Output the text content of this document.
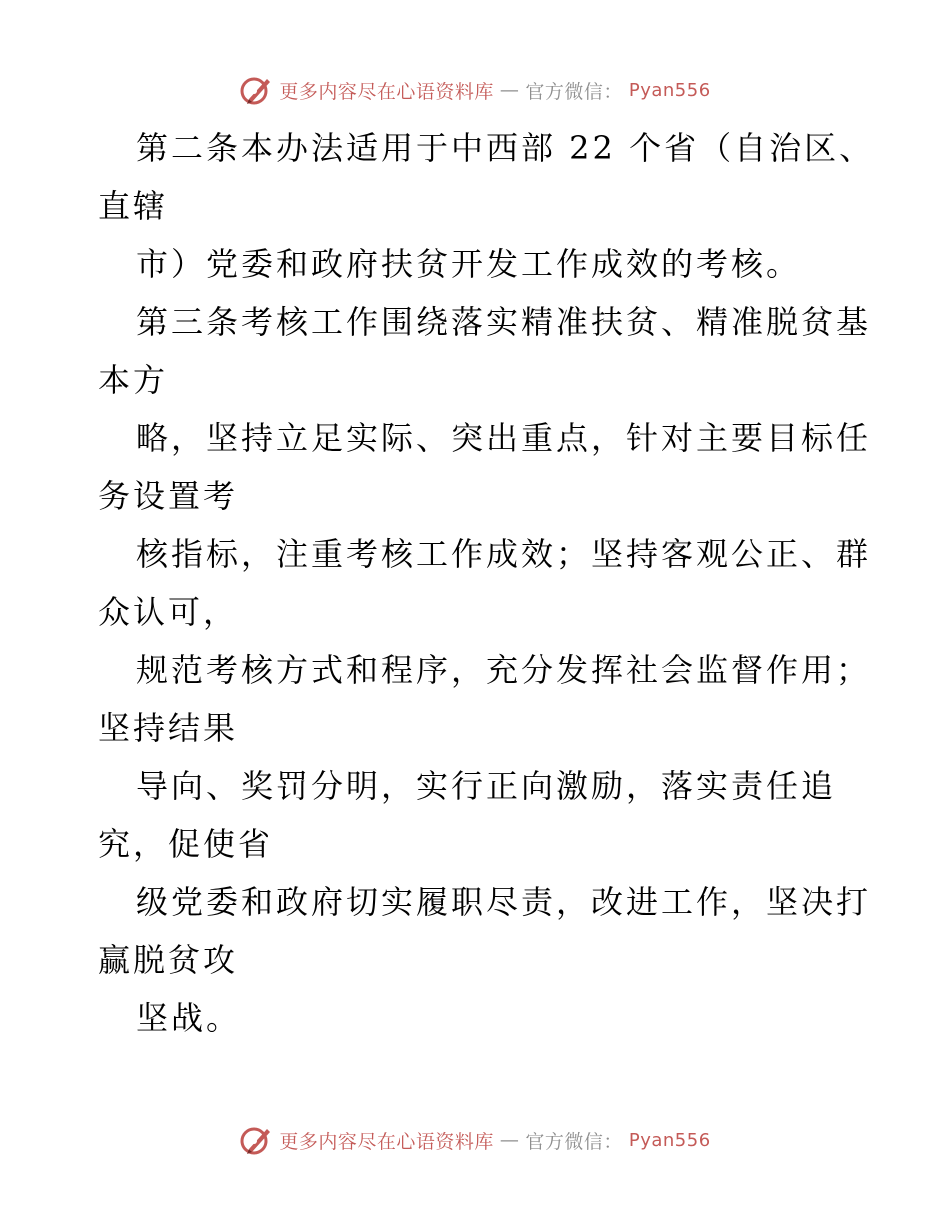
更多内容尽在心语资料库 — 官方微信： Pyan556
第二条本办法适用于中西部 22 个省（自治区、
直辖
市）党委和政府扶贫开发工作成效的考核。
第三条考核工作围绕落实精准扶贫、精准脱贫基
本方
略，坚持立足实际、突出重点，针对主要目标任
务设置考
核指标，注重考核工作成效；坚持客观公正、群
众认可，
规范考核方式和程序，充分发挥社会监督作用；
坚持结果
导向、奖罚分明，实行正向激励，落实责任追
究，促使省
级党委和政府切实履职尽责，改进工作，坚决打
赢脱贫攻
坚战。
更多内容尽在心语资料库 — 官方微信： Pyan556
